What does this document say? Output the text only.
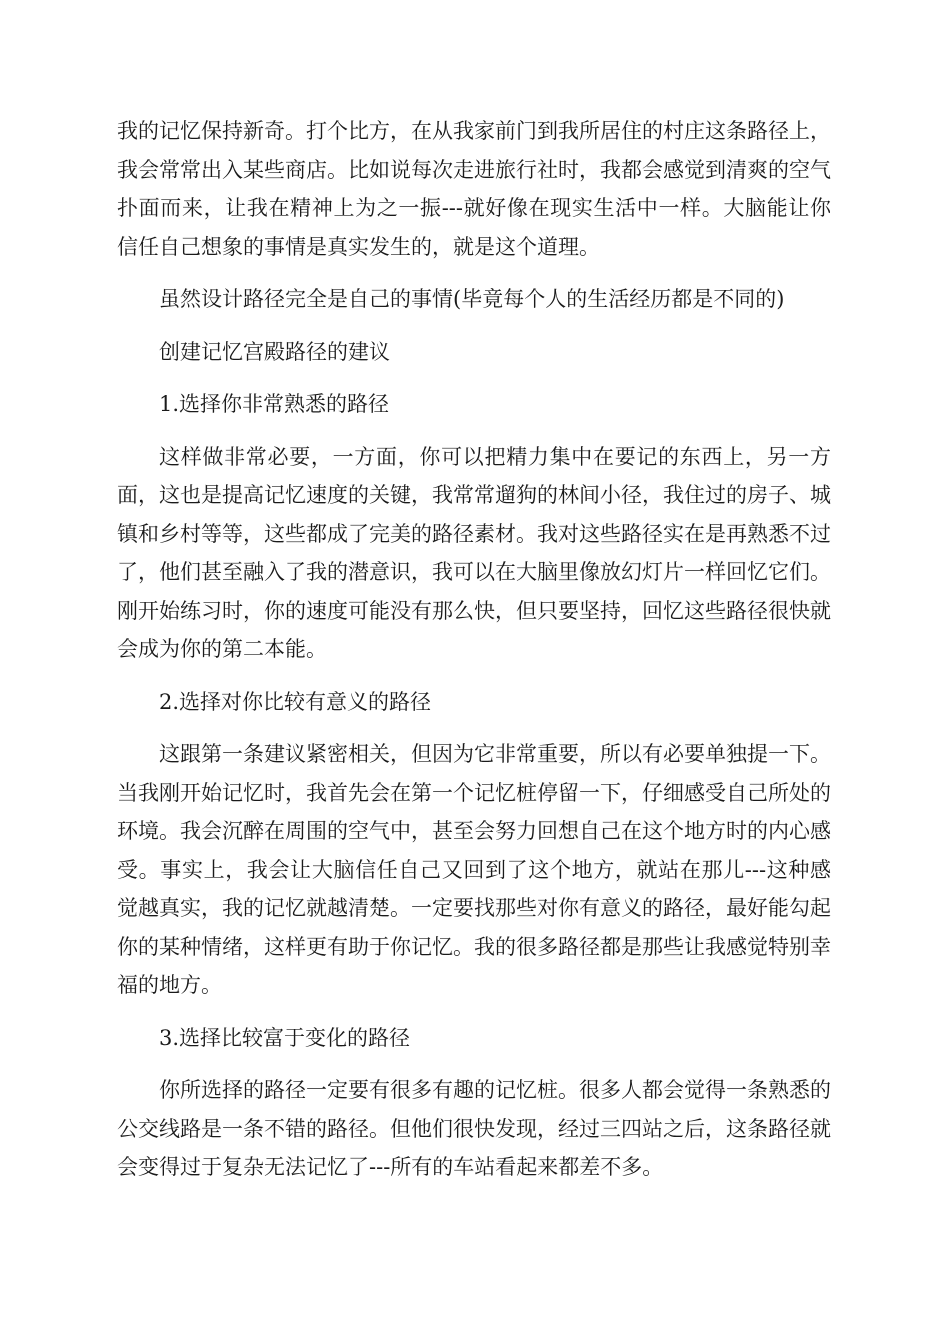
我的记忆保持新奇。打个比方，在从我家前门到我所居住的村庄这条路径上，我会常常出入某些商店。比如说每次走进旅行社时，我都会感觉到清爽的空气扑面而来，让我在精神上为之一振---就好像在现实生活中一样。大脑能让你信任自己想象的事情是真实发生的，就是这个道理。

虽然设计路径完全是自己的事情(毕竟每个人的生活经历都是不同的)

创建记忆宫殿路径的建议

1.选择你非常熟悉的路径

这样做非常必要，一方面，你可以把精力集中在要记的东西上，另一方面，这也是提高记忆速度的关键，我常常遛狗的林间小径，我住过的房子、城镇和乡村等等，这些都成了完美的路径素材。我对这些路径实在是再熟悉不过了，他们甚至融入了我的潜意识，我可以在大脑里像放幻灯片一样回忆它们。刚开始练习时，你的速度可能没有那么快，但只要坚持，回忆这些路径很快就会成为你的第二本能。

2.选择对你比较有意义的路径

这跟第一条建议紧密相关，但因为它非常重要，所以有必要单独提一下。当我刚开始记忆时，我首先会在第一个记忆桩停留一下，仔细感受自己所处的环境。我会沉醉在周围的空气中，甚至会努力回想自己在这个地方时的内心感受。事实上，我会让大脑信任自己又回到了这个地方，就站在那儿---这种感觉越真实，我的记忆就越清楚。一定要找那些对你有意义的路径，最好能勾起你的某种情绪，这样更有助于你记忆。我的很多路径都是那些让我感觉特别幸福的地方。

3.选择比较富于变化的路径

你所选择的路径一定要有很多有趣的记忆桩。很多人都会觉得一条熟悉的公交线路是一条不错的路径。但他们很快发现，经过三四站之后，这条路径就会变得过于复杂无法记忆了---所有的车站看起来都差不多。
